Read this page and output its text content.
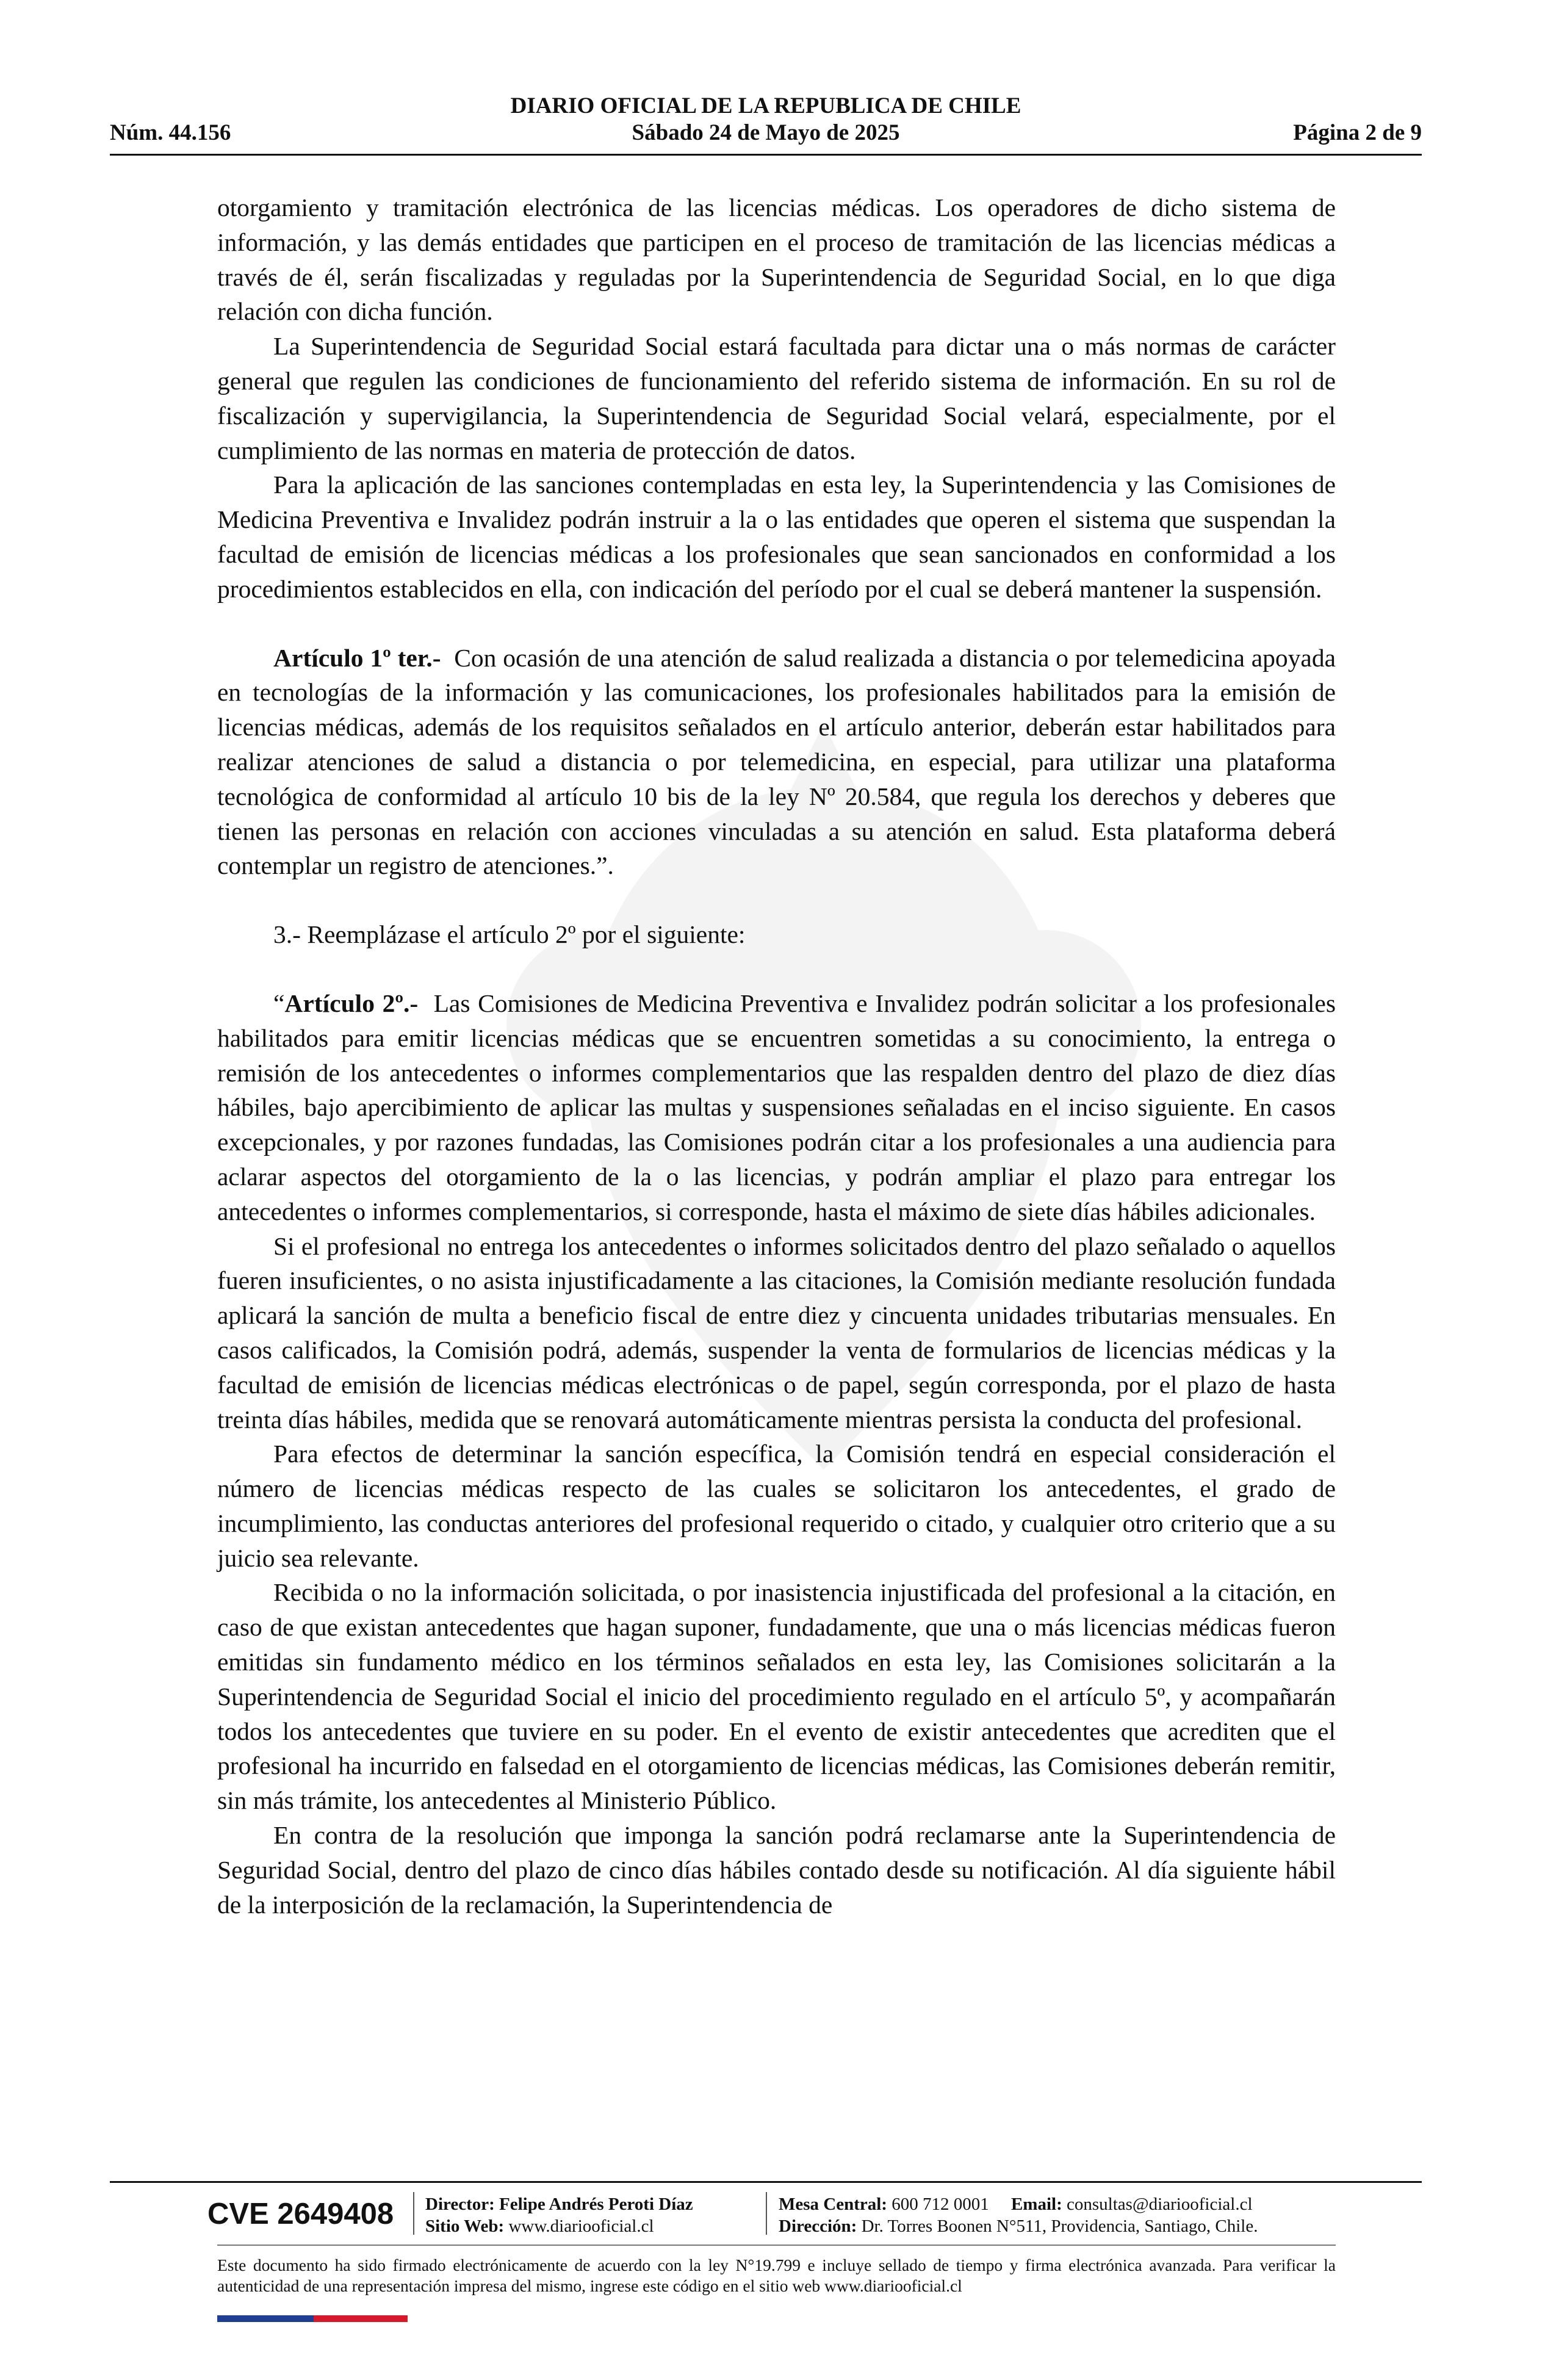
DIARIO OFICIAL DE LA REPUBLICA DE CHILE
Núm. 44.156	Sábado 24 de Mayo de 2025	Página 2 de 9

otorgamiento y tramitación electrónica de las licencias médicas. Los operadores de dicho sistema de información, y las demás entidades que participen en el proceso de tramitación de las licencias médicas a través de él, serán fiscalizadas y reguladas por la Superintendencia de Seguridad Social, en lo que diga relación con dicha función.

La Superintendencia de Seguridad Social estará facultada para dictar una o más normas de carácter general que regulen las condiciones de funcionamiento del referido sistema de información. En su rol de fiscalización y supervigilancia, la Superintendencia de Seguridad Social velará, especialmente, por el cumplimiento de las normas en materia de protección de datos.

Para la aplicación de las sanciones contempladas en esta ley, la Superintendencia y las Comisiones de Medicina Preventiva e Invalidez podrán instruir a la o las entidades que operen el sistema que suspendan la facultad de emisión de licencias médicas a los profesionales que sean sancionados en conformidad a los procedimientos establecidos en ella, con indicación del período por el cual se deberá mantener la suspensión.

Artículo 1º ter.- Con ocasión de una atención de salud realizada a distancia o por telemedicina apoyada en tecnologías de la información y las comunicaciones, los profesionales habilitados para la emisión de licencias médicas, además de los requisitos señalados en el artículo anterior, deberán estar habilitados para realizar atenciones de salud a distancia o por telemedicina, en especial, para utilizar una plataforma tecnológica de conformidad al artículo 10 bis de la ley Nº 20.584, que regula los derechos y deberes que tienen las personas en relación con acciones vinculadas a su atención en salud. Esta plataforma deberá contemplar un registro de atenciones.”.

3.- Reemplázase el artículo 2º por el siguiente:

“Artículo 2º.- Las Comisiones de Medicina Preventiva e Invalidez podrán solicitar a los profesionales habilitados para emitir licencias médicas que se encuentren sometidas a su conocimiento, la entrega o remisión de los antecedentes o informes complementarios que las respalden dentro del plazo de diez días hábiles, bajo apercibimiento de aplicar las multas y suspensiones señaladas en el inciso siguiente. En casos excepcionales, y por razones fundadas, las Comisiones podrán citar a los profesionales a una audiencia para aclarar aspectos del otorgamiento de la o las licencias, y podrán ampliar el plazo para entregar los antecedentes o informes complementarios, si corresponde, hasta el máximo de siete días hábiles adicionales.

Si el profesional no entrega los antecedentes o informes solicitados dentro del plazo señalado o aquellos fueren insuficientes, o no asista injustificadamente a las citaciones, la Comisión mediante resolución fundada aplicará la sanción de multa a beneficio fiscal de entre diez y cincuenta unidades tributarias mensuales. En casos calificados, la Comisión podrá, además, suspender la venta de formularios de licencias médicas y la facultad de emisión de licencias médicas electrónicas o de papel, según corresponda, por el plazo de hasta treinta días hábiles, medida que se renovará automáticamente mientras persista la conducta del profesional.

Para efectos de determinar la sanción específica, la Comisión tendrá en especial consideración el número de licencias médicas respecto de las cuales se solicitaron los antecedentes, el grado de incumplimiento, las conductas anteriores del profesional requerido o citado, y cualquier otro criterio que a su juicio sea relevante.

Recibida o no la información solicitada, o por inasistencia injustificada del profesional a la citación, en caso de que existan antecedentes que hagan suponer, fundadamente, que una o más licencias médicas fueron emitidas sin fundamento médico en los términos señalados en esta ley, las Comisiones solicitarán a la Superintendencia de Seguridad Social el inicio del procedimiento regulado en el artículo 5º, y acompañarán todos los antecedentes que tuviere en su poder. En el evento de existir antecedentes que acrediten que el profesional ha incurrido en falsedad en el otorgamiento de licencias médicas, las Comisiones deberán remitir, sin más trámite, los antecedentes al Ministerio Público.

En contra de la resolución que imponga la sanción podrá reclamarse ante la Superintendencia de Seguridad Social, dentro del plazo de cinco días hábiles contado desde su notificación. Al día siguiente hábil de la interposición de la reclamación, la Superintendencia de

CVE 2649408 Director: Felipe Andrés Peroti Díaz
Sitio Web: www.diariooficial.cl
Mesa Central: 600 712 0001 Email: consultas@diariooficial.cl
Dirección: Dr. Torres Boonen N°511, Providencia, Santiago, Chile.
Este documento ha sido firmado electrónicamente de acuerdo con la ley N°19.799 e incluye sellado de tiempo y firma electrónica avanzada. Para verificar la autenticidad de una representación impresa del mismo, ingrese este código en el sitio web www.diariooficial.cl
